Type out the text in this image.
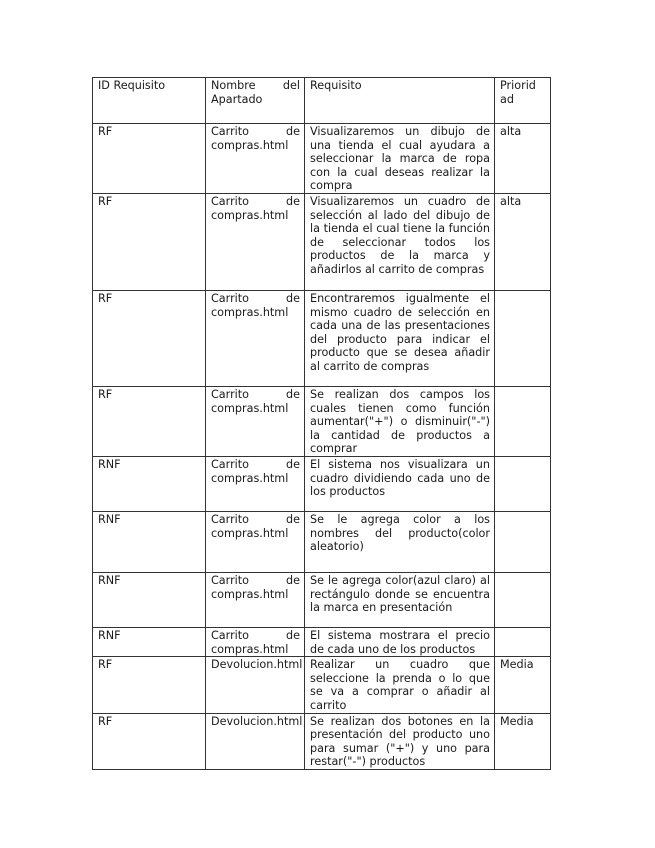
ID Requisito	Nombre del Apartado	Requisito	Priorid
ad

RF	Carrito de compras.html	Visualizaremos un dibujo de una tienda el cual ayudara a seleccionar la marca de ropa con la cual deseas realizar la compra	alta

RF	Carrito de compras.html	Visualizaremos un cuadro de selección al lado del dibujo de la tienda el cual tiene la función de seleccionar todos los productos de la marca y añadirlos al carrito de compras	alta

RF	Carrito de compras.html	Encontraremos igualmente el mismo cuadro de selección en cada una de las presentaciones del producto para indicar el producto que se desea añadir al carrito de compras	

RF	Carrito de compras.html	Se realizan dos campos los cuales tienen como función aumentar("+") o disminuir("-") la cantidad de productos a comprar	

RNF	Carrito de compras.html	El sistema nos visualizara un cuadro dividiendo cada uno de los productos	

RNF	Carrito de compras.html	Se le agrega color a los nombres del producto(color aleatorio)	

RNF	Carrito de compras.html	Se le agrega color(azul claro) al rectángulo donde se encuentra la marca en presentación	

RNF	Carrito de compras.html	El sistema mostrara el precio de cada uno de los productos	

RF	Devolucion.html	Realizar un cuadro que seleccione la prenda o lo que se va a comprar o añadir al carrito	Media

RF	Devolucion.html	Se realizan dos botones en la presentación del producto uno para sumar ("+") y uno para restar("-") productos	Media
